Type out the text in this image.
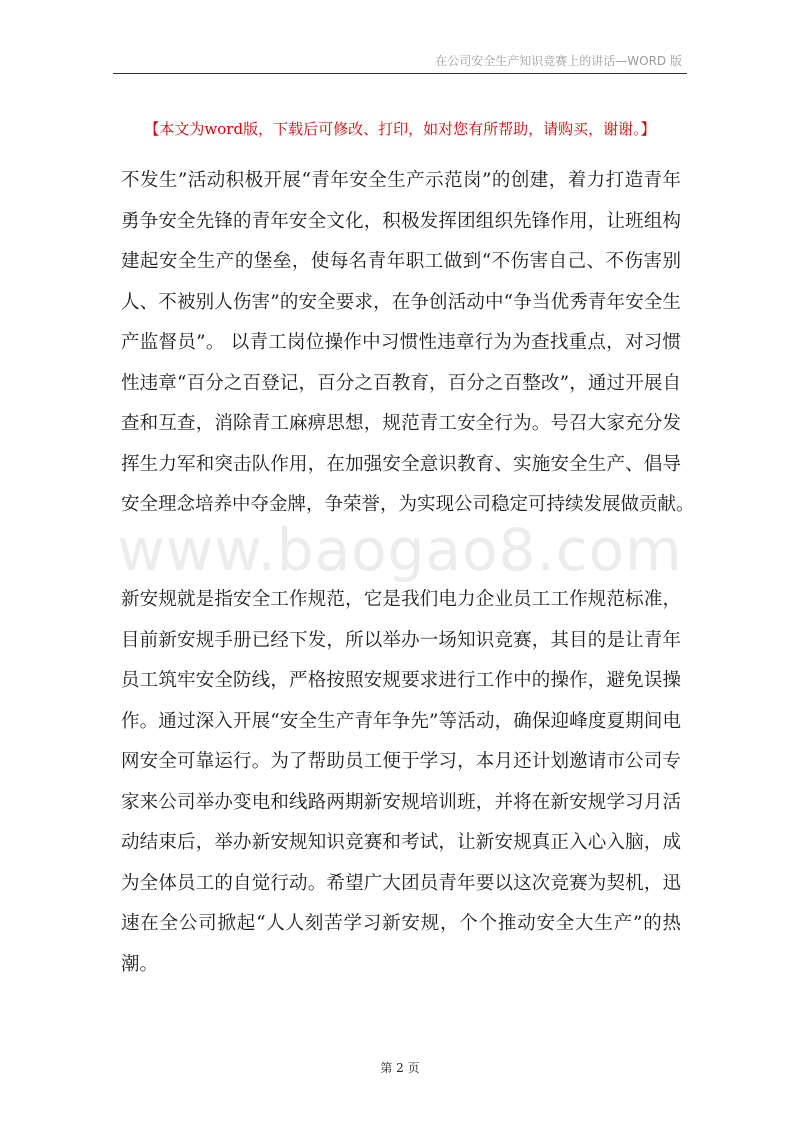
在公司安全生产知识竞赛上的讲话—WORD 版
【本文为word版，下载后可修改、打印，如对您有所帮助，请购买，谢谢。】
不发生”活动积极开展“青年安全生产示范岗”的创建，着力打造青年
勇争安全先锋的青年安全文化，积极发挥团组织先锋作用，让班组构
建起安全生产的堡垒，使每名青年职工做到“不伤害自己、不伤害别
人、不被别人伤害”的安全要求，在争创活动中“争当优秀青年安全生
产监督员”。 以青工岗位操作中习惯性违章行为为查找重点，对习惯
性违章“百分之百登记，百分之百教育，百分之百整改”，通过开展自
查和互查，消除青工麻痹思想，规范青工安全行为。号召大家充分发
挥生力军和突击队作用，在加强安全意识教育、实施安全生产、倡导
安全理念培养中夺金牌，争荣誉，为实现公司稳定可持续发展做贡献。
www.baogao8.com
新安规就是指安全工作规范，它是我们电力企业员工工作规范标准，
目前新安规手册已经下发，所以举办一场知识竞赛，其目的是让青年
员工筑牢安全防线，严格按照安规要求进行工作中的操作，避免误操
作。通过深入开展“安全生产青年争先”等活动，确保迎峰度夏期间电
网安全可靠运行。为了帮助员工便于学习，本月还计划邀请市公司专
家来公司举办变电和线路两期新安规培训班，并将在新安规学习月活
动结束后，举办新安规知识竞赛和考试，让新安规真正入心入脑，成
为全体员工的自觉行动。希望广大团员青年要以这次竞赛为契机，迅
速在全公司掀起“人人刻苦学习新安规，个个推动安全大生产”的热
潮。
第 2 页
